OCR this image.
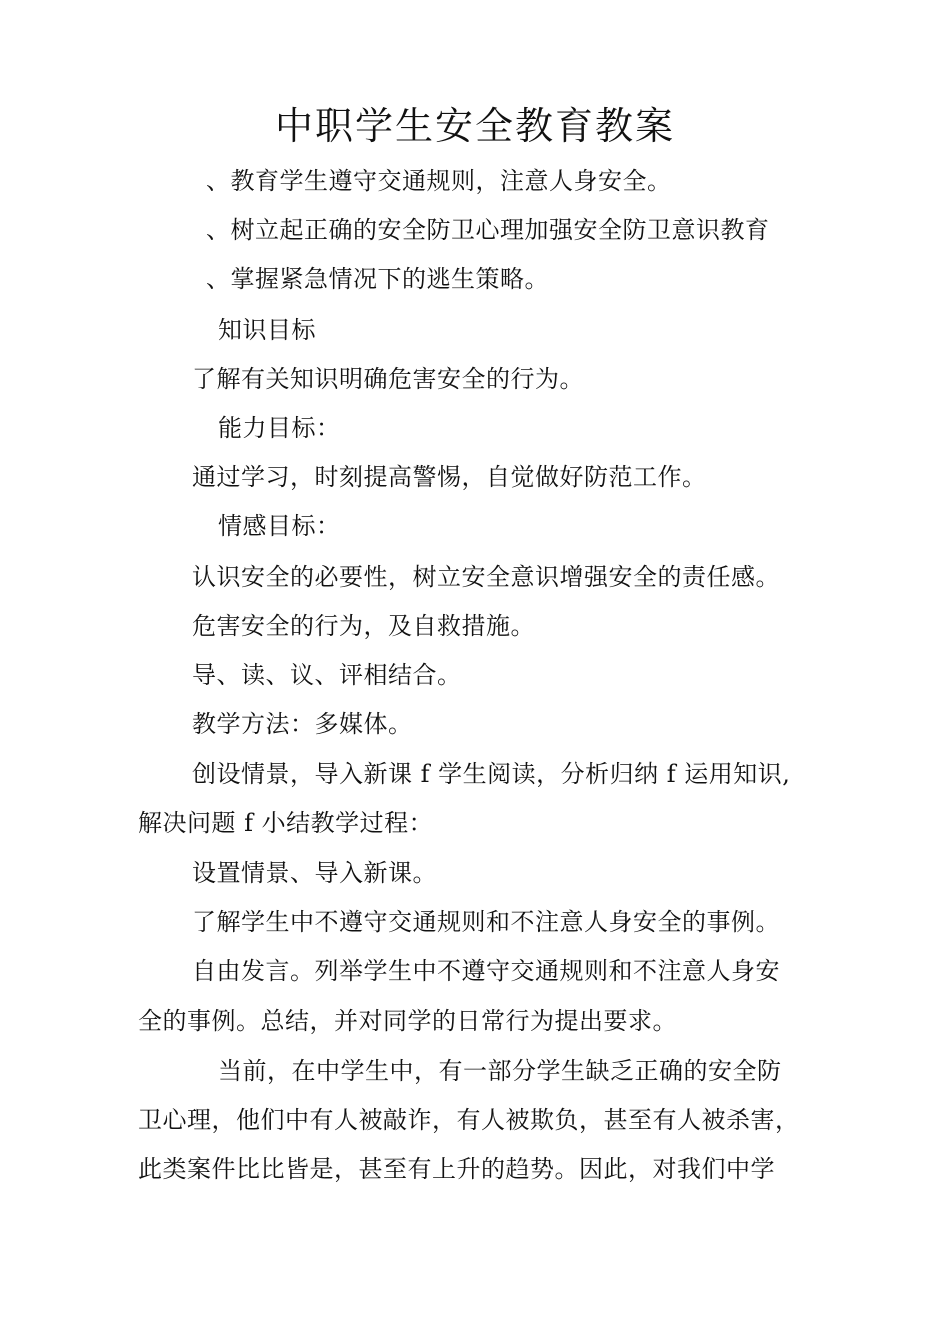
中职学生安全教育教案

、教育学生遵守交通规则，注意人身安全。

、树立起正确的安全防卫心理加强安全防卫意识教育

、掌握紧急情况下的逃生策略。

知识目标

了解有关知识明确危害安全的行为。

能力目标：

通过学习，时刻提高警惕，自觉做好防范工作。

情感目标：

认识安全的必要性，树立安全意识增强安全的责任感。

危害安全的行为，及自救措施。

导、读、议、评相结合。

教学方法：多媒体。

创设情景，导入新课 f 学生阅读，分析归纳 f 运用知识,

解决问题 f 小结教学过程：

设置情景、导入新课。

了解学生中不遵守交通规则和不注意人身安全的事例。

自由发言。列举学生中不遵守交通规则和不注意人身安

全的事例。总结，并对同学的日常行为提出要求。

当前，在中学生中，有一部分学生缺乏正确的安全防

卫心理，他们中有人被敲诈，有人被欺负，甚至有人被杀害，

此类案件比比皆是，甚至有上升的趋势。因此，对我们中学
